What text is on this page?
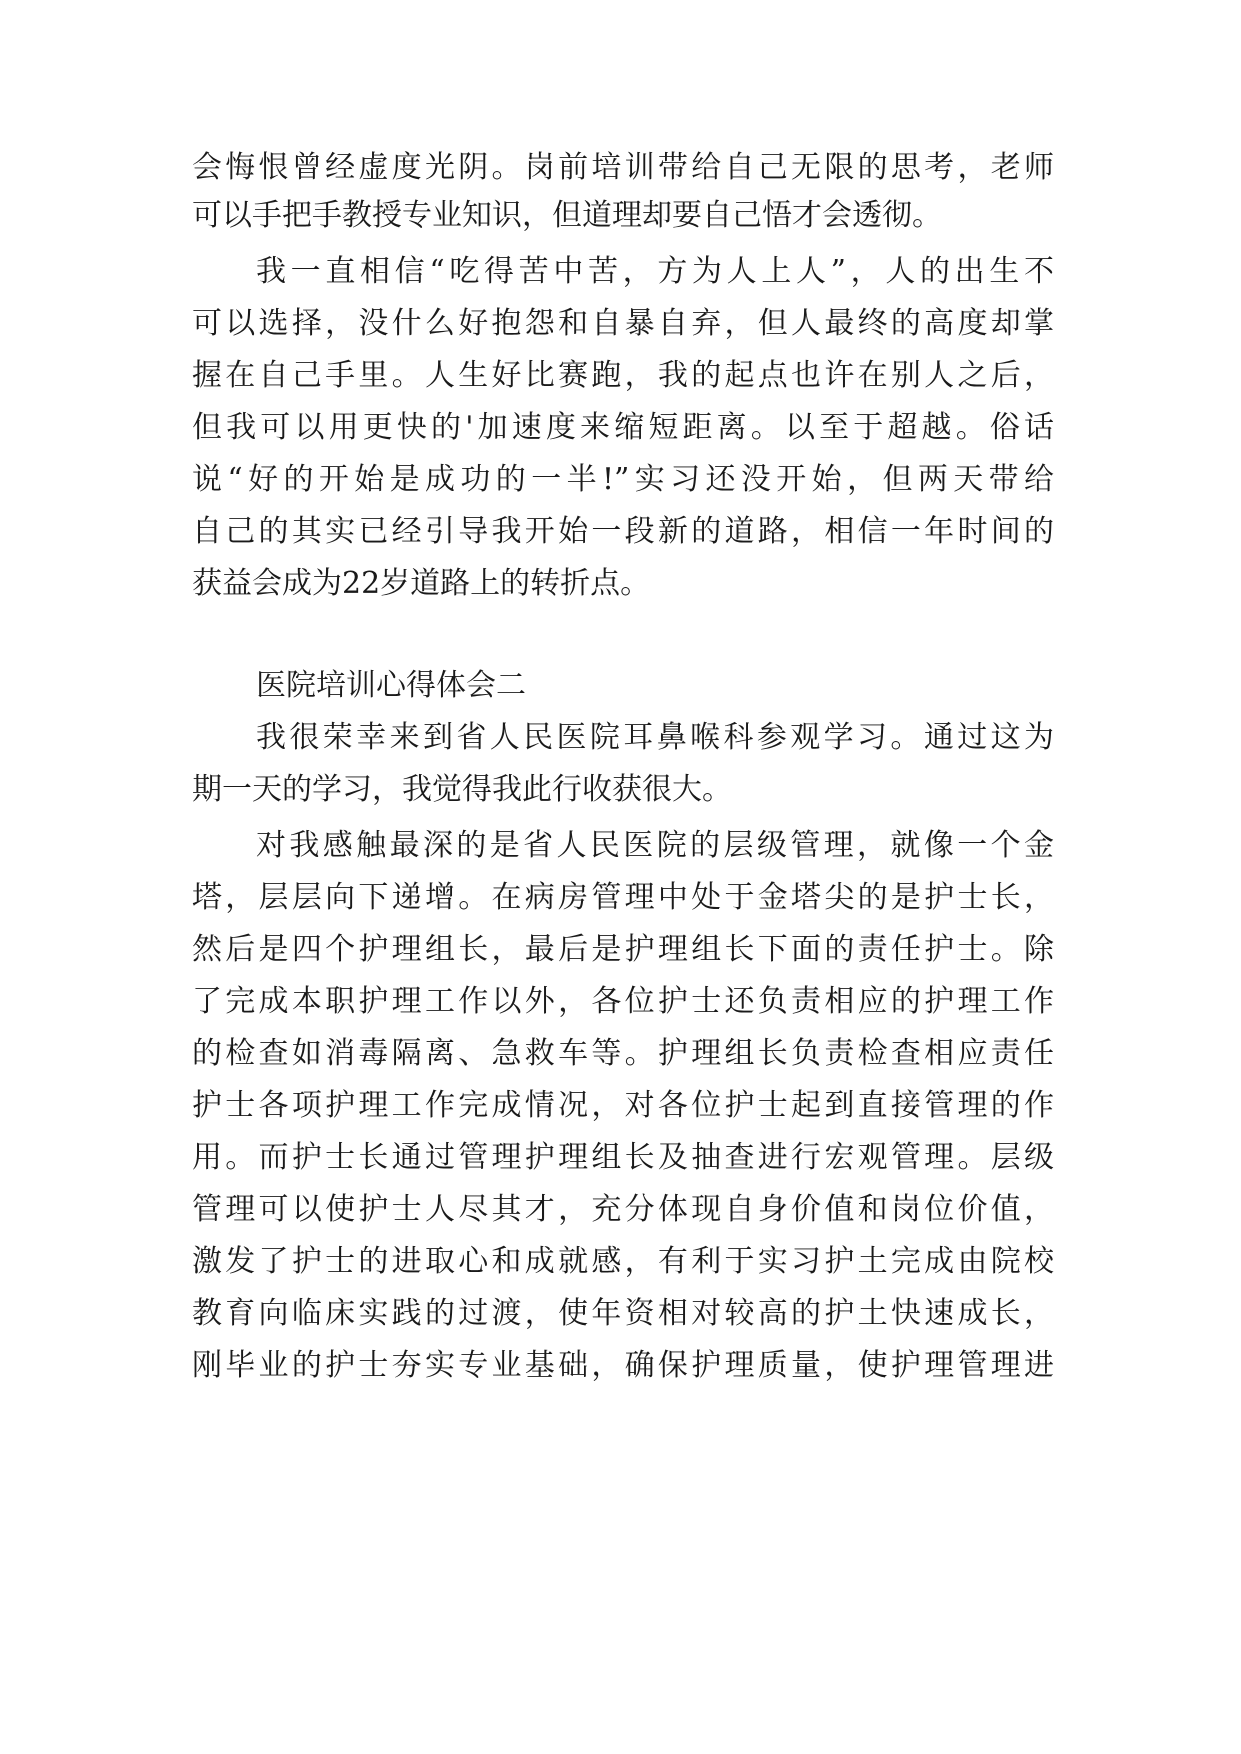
会悔恨曾经虚度光阴。岗前培训带给自己无限的思考，老师
可以手把手教授专业知识，但道理却要自己悟才会透彻。
我一直相信“吃得苦中苦，方为人上人”，人的出生不
可以选择，没什么好抱怨和自暴自弃，但人最终的高度却掌
握在自己手里。人生好比赛跑，我的起点也许在别人之后，
但我可以用更快的'加速度来缩短距离。以至于超越。俗话
说“好的开始是成功的一半!”实习还没开始，但两天带给
自己的其实已经引导我开始一段新的道路，相信一年时间的
获益会成为22岁道路上的转折点。
医院培训心得体会二
我很荣幸来到省人民医院耳鼻喉科参观学习。通过这为
期一天的学习，我觉得我此行收获很大。
对我感触最深的是省人民医院的层级管理，就像一个金
塔，层层向下递增。在病房管理中处于金塔尖的是护士长，
然后是四个护理组长，最后是护理组长下面的责任护士。除
了完成本职护理工作以外，各位护士还负责相应的护理工作
的检查如消毒隔离、急救车等。护理组长负责检查相应责任
护士各项护理工作完成情况，对各位护士起到直接管理的作
用。而护士长通过管理护理组长及抽查进行宏观管理。层级
管理可以使护士人尽其才，充分体现自身价值和岗位价值，
激发了护士的进取心和成就感，有利于实习护土完成由院校
教育向临床实践的过渡，使年资相对较高的护土快速成长，
刚毕业的护士夯实专业基础，确保护理质量，使护理管理进
